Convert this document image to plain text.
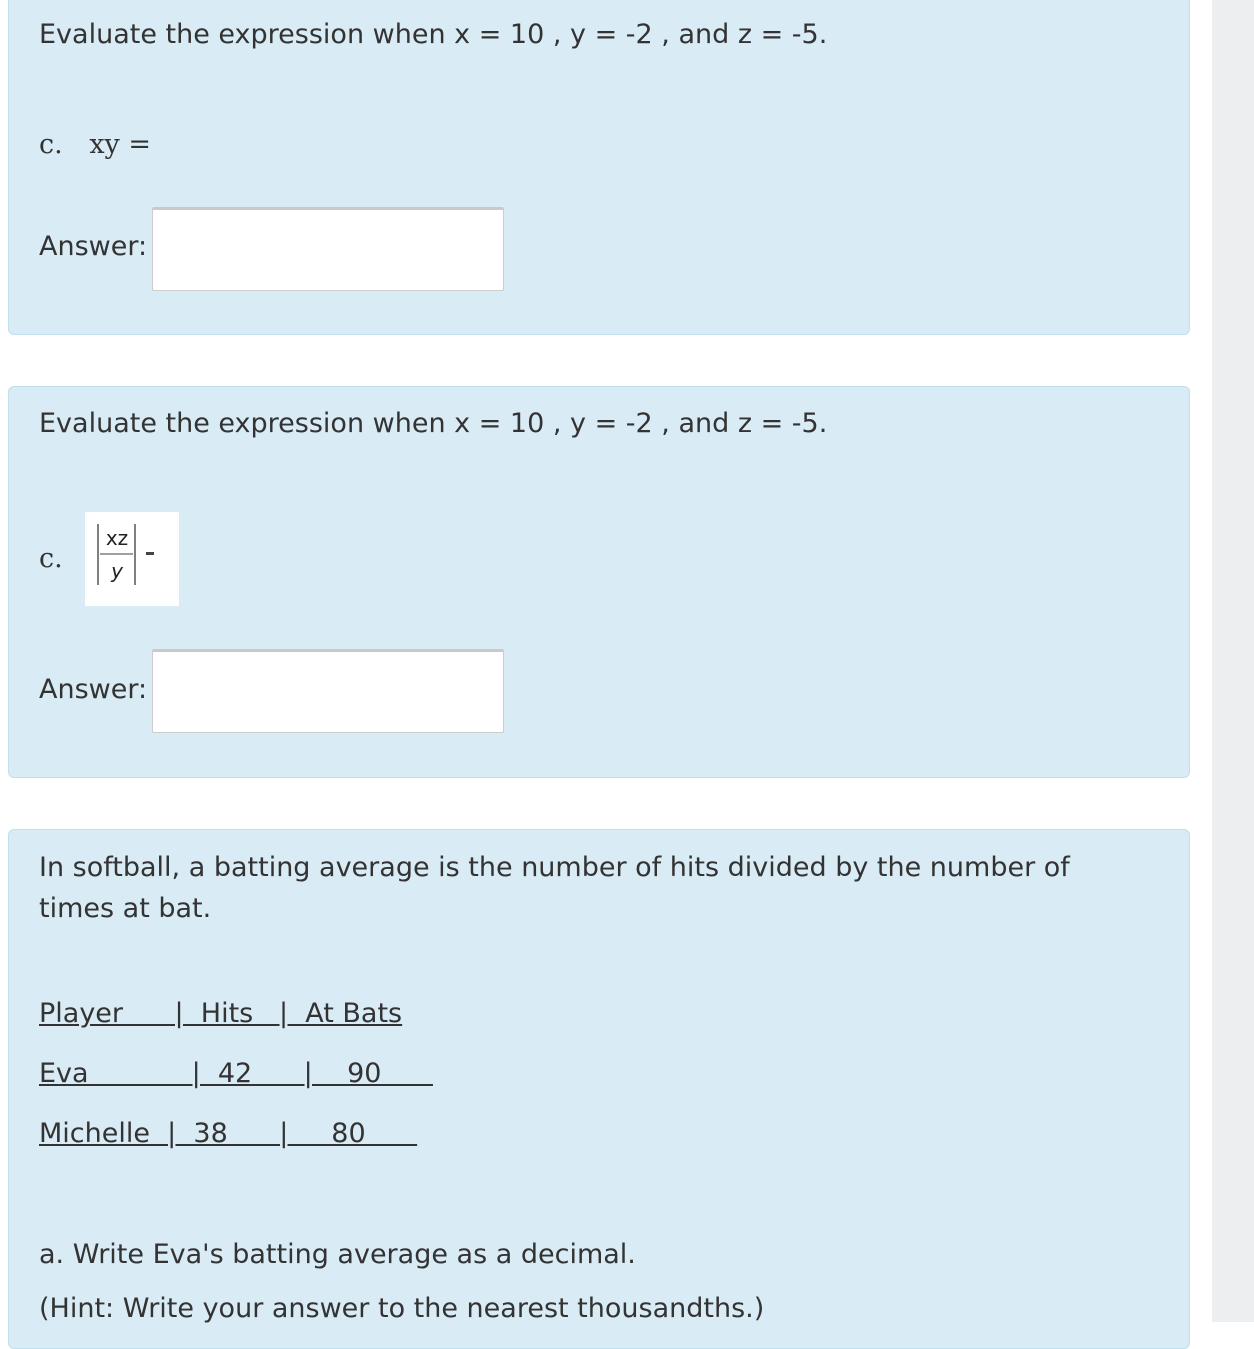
Evaluate the expression when x = 10 , y = -2 , and z = -5.
c. xy =
Answer:
Evaluate the expression when x = 10 , y = -2 , and z = -5.
c.
xz
y
Answer:
In softball, a batting average is the number of hits divided by the number of times at bat.
Player      |  Hits   |  At Bats
Eva            |  42      |    90
Michelle  |  38      |     80
a. Write Eva's batting average as a decimal.
(Hint: Write your answer to the nearest thousandths.)
